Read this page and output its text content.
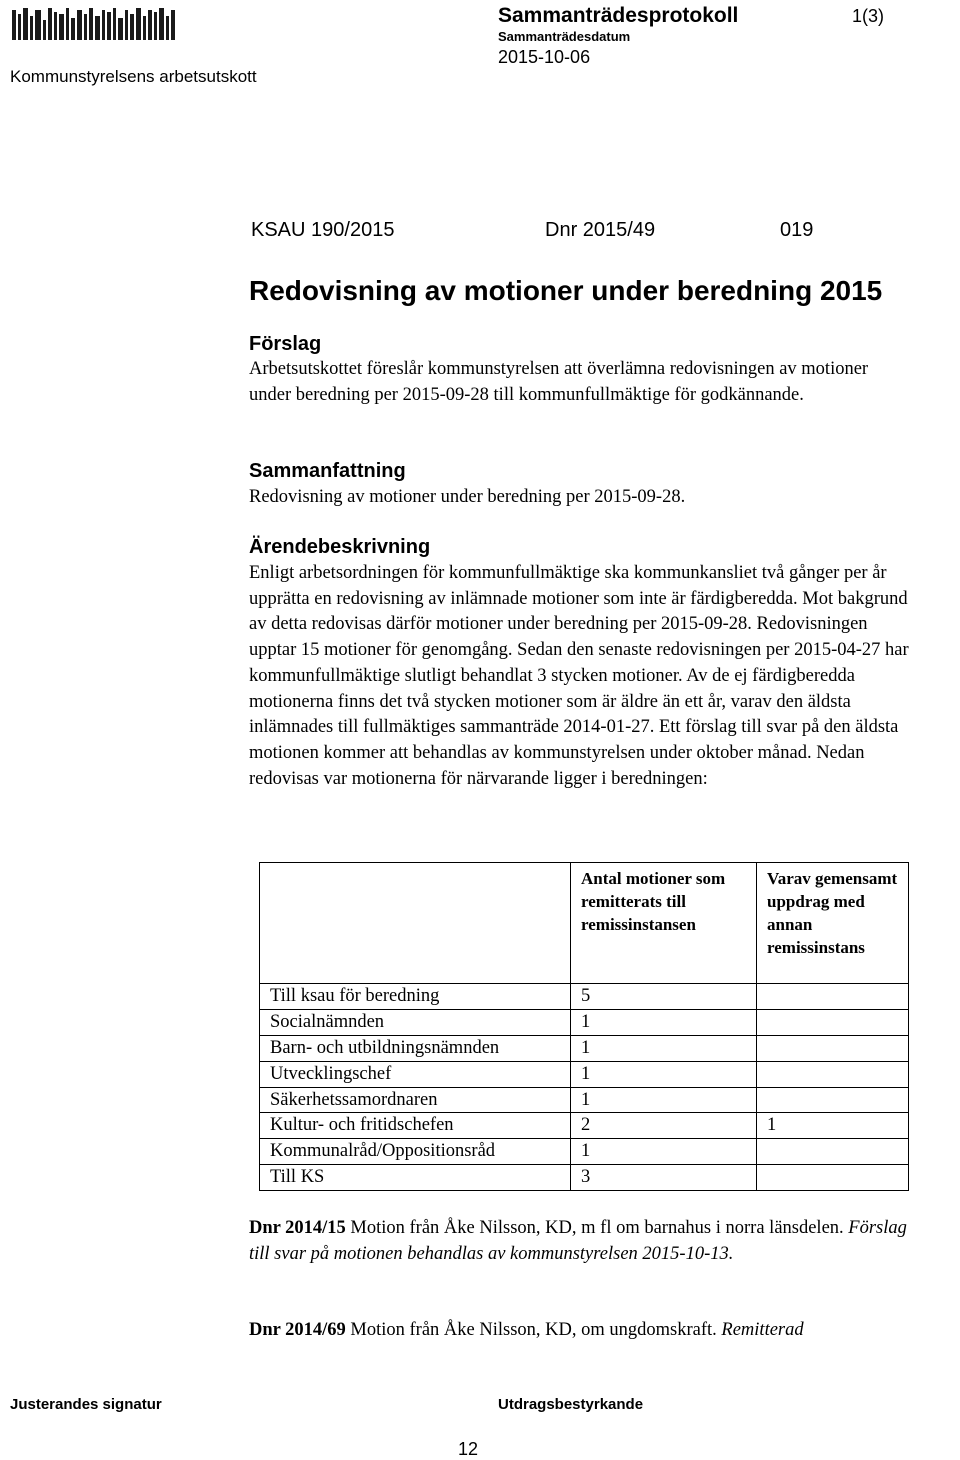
Sammanträdesprotokoll	1(3)
Sammanträdesdatum
2015-10-06
Kommunstyrelsens arbetsutskott
KSAU 190/2015	Dnr 2015/49	019
Redovisning av motioner under beredning 2015
Förslag
Arbetsutskottet föreslår kommunstyrelsen att överlämna redovisningen av motioner under beredning per 2015-09-28 till kommunfullmäktige för godkännande.
Sammanfattning
Redovisning av motioner under beredning per 2015-09-28.
Ärendebeskrivning
Enligt arbetsordningen för kommunfullmäktige ska kommunkansliet två gånger per år upprätta en redovisning av inlämnade motioner som inte är färdigberedda. Mot bakgrund av detta redovisas därför motioner under beredning per 2015-09-28. Redovisningen upptar 15 motioner för genomgång. Sedan den senaste redovisningen per 2015-04-27 har kommunfullmäktige slutligt behandlat 3 stycken motioner. Av de ej färdigberedda motionerna finns det två stycken motioner som är äldre än ett år, varav den äldsta inlämnades till fullmäktiges sammanträde 2014-01-27. Ett förslag till svar på den äldsta motionen kommer att behandlas av kommunstyrelsen under oktober månad. Nedan redovisas var motionerna för närvarande ligger i beredningen:
	Antal motioner som remitterats till remissinstansen	Varav gemensamt uppdrag med annan remissinstans
Till ksau för beredning	5	
Socialnämnden	1	
Barn- och utbildningsnämnden	1	
Utvecklingschef	1	
Säkerhetssamordnaren	1	
Kultur- och fritidschefen	2	1
Kommunalråd/Oppositionsråd	1	
Till KS	3	
Dnr 2014/15 Motion från Åke Nilsson, KD, m fl om barnahus i norra länsdelen. Förslag till svar på motionen behandlas av kommunstyrelsen 2015-10-13.
Dnr 2014/69 Motion från Åke Nilsson, KD, om ungdomskraft. Remitterad
Justerandes signatur	Utdragsbestyrkande
12
